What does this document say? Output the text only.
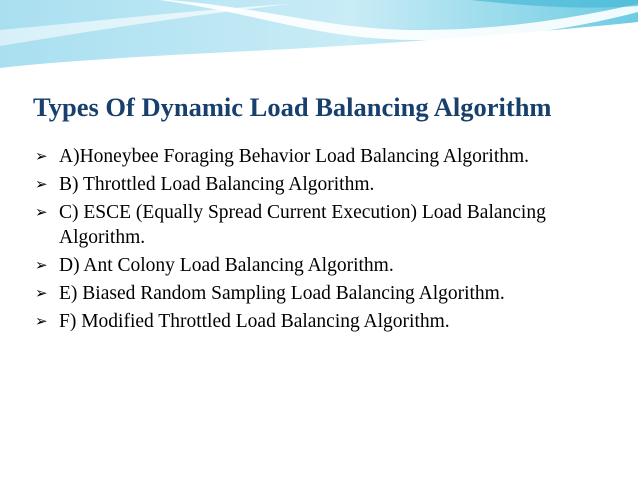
Types Of Dynamic Load Balancing Algorithm
➢ A)Honeybee Foraging Behavior Load Balancing Algorithm.
➢ B) Throttled Load Balancing Algorithm.
➢ C) ESCE (Equally Spread Current Execution) Load Balancing Algorithm.
➢ D) Ant Colony Load Balancing Algorithm.
➢ E) Biased Random Sampling Load Balancing Algorithm.
➢ F) Modified Throttled Load Balancing Algorithm.
